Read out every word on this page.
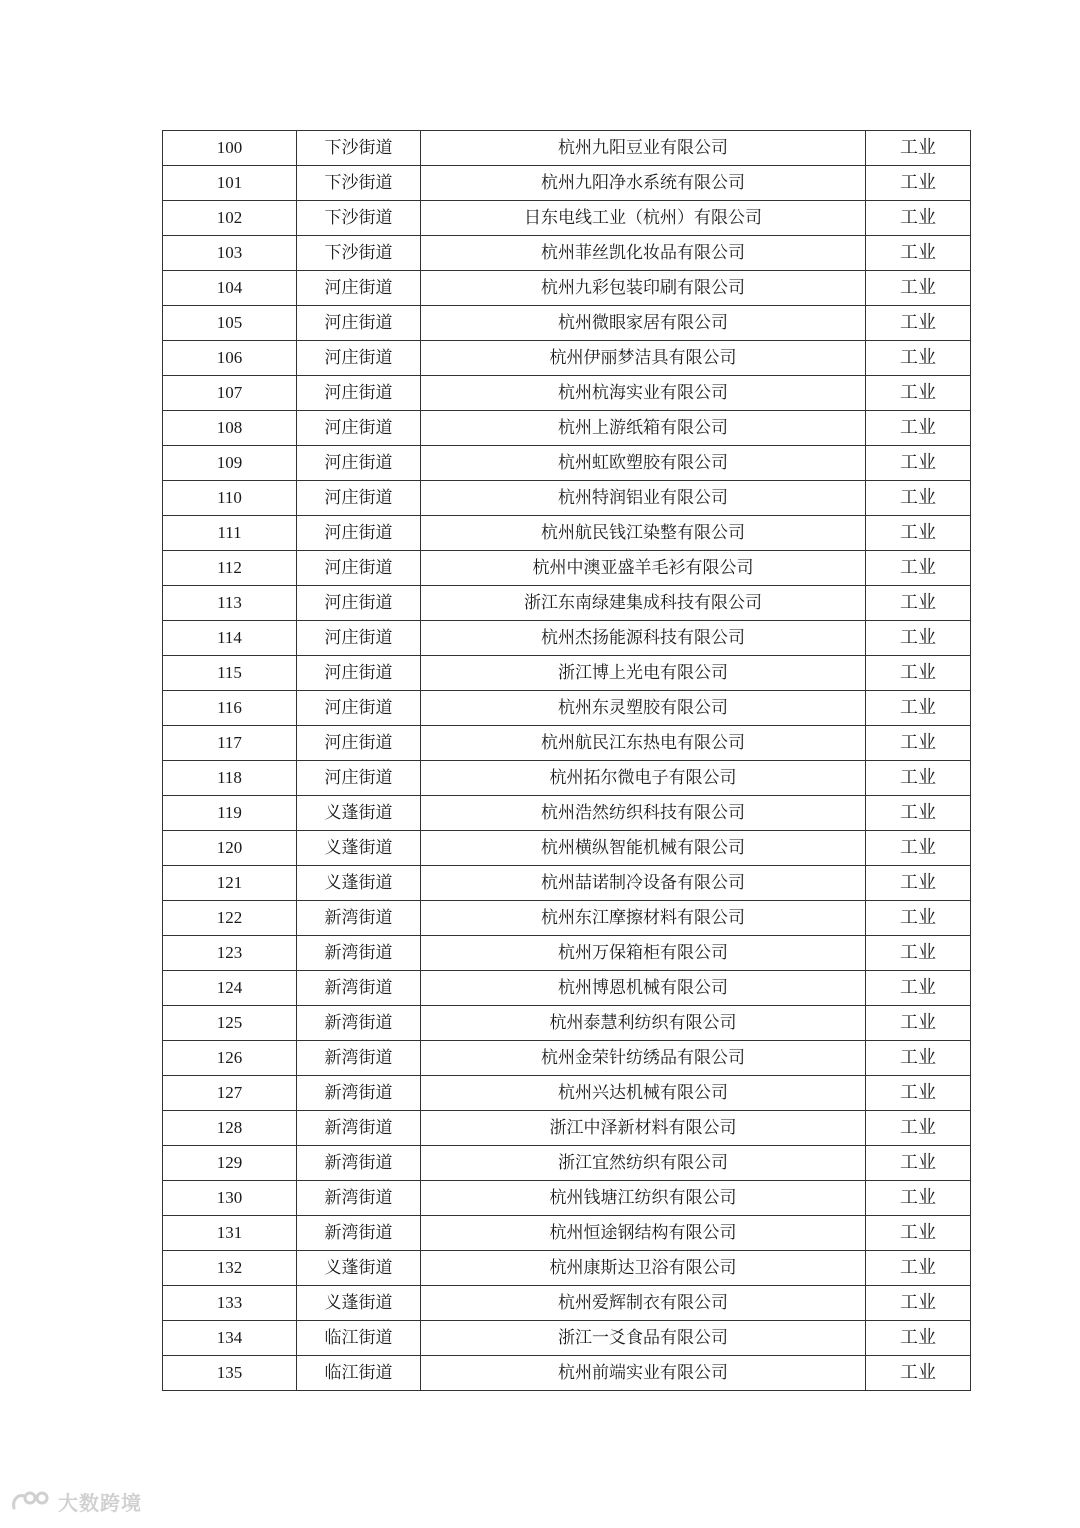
100	下沙街道	杭州九阳豆业有限公司	工业
101	下沙街道	杭州九阳净水系统有限公司	工业
102	下沙街道	日东电线工业（杭州）有限公司	工业
103	下沙街道	杭州菲丝凯化妆品有限公司	工业
104	河庄街道	杭州九彩包装印刷有限公司	工业
105	河庄街道	杭州微眼家居有限公司	工业
106	河庄街道	杭州伊丽梦洁具有限公司	工业
107	河庄街道	杭州杭海实业有限公司	工业
108	河庄街道	杭州上游纸箱有限公司	工业
109	河庄街道	杭州虹欧塑胶有限公司	工业
110	河庄街道	杭州特润铝业有限公司	工业
111	河庄街道	杭州航民钱江染整有限公司	工业
112	河庄街道	杭州中澳亚盛羊毛衫有限公司	工业
113	河庄街道	浙江东南绿建集成科技有限公司	工业
114	河庄街道	杭州杰扬能源科技有限公司	工业
115	河庄街道	浙江博上光电有限公司	工业
116	河庄街道	杭州东灵塑胶有限公司	工业
117	河庄街道	杭州航民江东热电有限公司	工业
118	河庄街道	杭州拓尔微电子有限公司	工业
119	义蓬街道	杭州浩然纺织科技有限公司	工业
120	义蓬街道	杭州横纵智能机械有限公司	工业
121	义蓬街道	杭州喆诺制冷设备有限公司	工业
122	新湾街道	杭州东江摩擦材料有限公司	工业
123	新湾街道	杭州万保箱柜有限公司	工业
124	新湾街道	杭州博恩机械有限公司	工业
125	新湾街道	杭州泰慧利纺织有限公司	工业
126	新湾街道	杭州金荣针纺绣品有限公司	工业
127	新湾街道	杭州兴达机械有限公司	工业
128	新湾街道	浙江中泽新材料有限公司	工业
129	新湾街道	浙江宜然纺织有限公司	工业
130	新湾街道	杭州钱塘江纺织有限公司	工业
131	新湾街道	杭州恒途钢结构有限公司	工业
132	义蓬街道	杭州康斯达卫浴有限公司	工业
133	义蓬街道	杭州爱辉制衣有限公司	工业
134	临江街道	浙江一爻食品有限公司	工业
135	临江街道	杭州前端实业有限公司	工业
大数跨境
